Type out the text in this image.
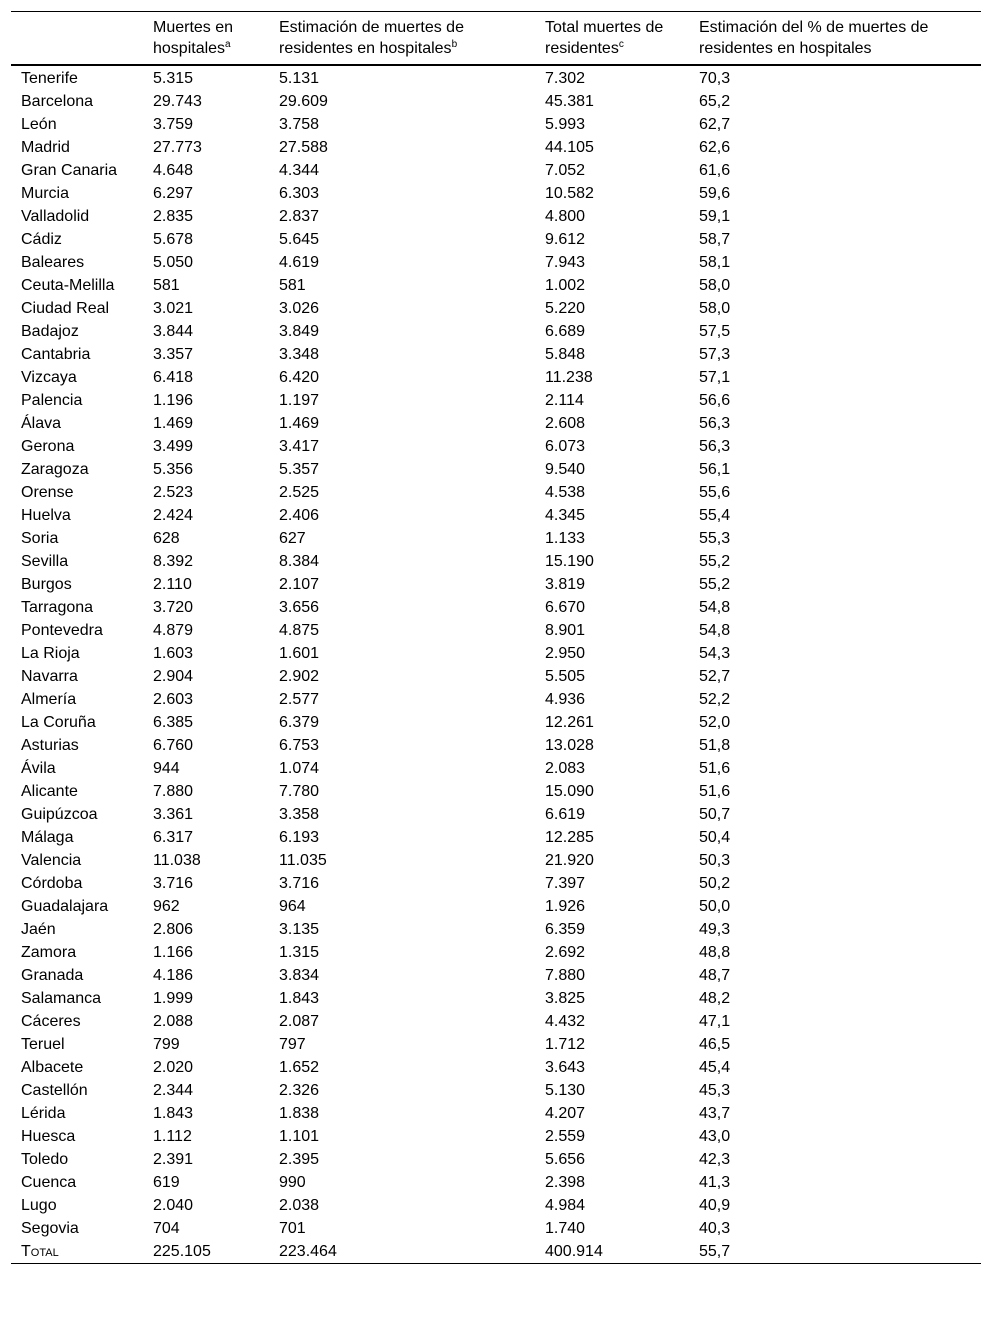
	Muertes en hospitales$^a$	Estimación de muertes de residentes en hospitales$^b$	Total muertes de residentes$^c$	Estimación del % de muertes de residentes en hospitales
Tenerife	5.315	5.131	7.302	70,3
Barcelona	29.743	29.609	45.381	65,2
León	3.759	3.758	5.993	62,7
Madrid	27.773	27.588	44.105	62,6
Gran Canaria	4.648	4.344	7.052	61,6
Murcia	6.297	6.303	10.582	59,6
Valladolid	2.835	2.837	4.800	59,1
Cádiz	5.678	5.645	9.612	58,7
Baleares	5.050	4.619	7.943	58,1
Ceuta-Melilla	581	581	1.002	58,0
Ciudad Real	3.021	3.026	5.220	58,0
Badajoz	3.844	3.849	6.689	57,5
Cantabria	3.357	3.348	5.848	57,3
Vizcaya	6.418	6.420	11.238	57,1
Palencia	1.196	1.197	2.114	56,6
Álava	1.469	1.469	2.608	56,3
Gerona	3.499	3.417	6.073	56,3
Zaragoza	5.356	5.357	9.540	56,1
Orense	2.523	2.525	4.538	55,6
Huelva	2.424	2.406	4.345	55,4
Soria	628	627	1.133	55,3
Sevilla	8.392	8.384	15.190	55,2
Burgos	2.110	2.107	3.819	55,2
Tarragona	3.720	3.656	6.670	54,8
Pontevedra	4.879	4.875	8.901	54,8
La Rioja	1.603	1.601	2.950	54,3
Navarra	2.904	2.902	5.505	52,7
Almería	2.603	2.577	4.936	52,2
La Coruña	6.385	6.379	12.261	52,0
Asturias	6.760	6.753	13.028	51,8
Ávila	944	1.074	2.083	51,6
Alicante	7.880	7.780	15.090	51,6
Guipúzcoa	3.361	3.358	6.619	50,7
Málaga	6.317	6.193	12.285	50,4
Valencia	11.038	11.035	21.920	50,3
Córdoba	3.716	3.716	7.397	50,2
Guadalajara	962	964	1.926	50,0
Jaén	2.806	3.135	6.359	49,3
Zamora	1.166	1.315	2.692	48,8
Granada	4.186	3.834	7.880	48,7
Salamanca	1.999	1.843	3.825	48,2
Cáceres	2.088	2.087	4.432	47,1
Teruel	799	797	1.712	46,5
Albacete	2.020	1.652	3.643	45,4
Castellón	2.344	2.326	5.130	45,3
Lérida	1.843	1.838	4.207	43,7
Huesca	1.112	1.101	2.559	43,0
Toledo	2.391	2.395	5.656	42,3
Cuenca	619	990	2.398	41,3
Lugo	2.040	2.038	4.984	40,9
Segovia	704	701	1.740	40,3
Total	225.105	223.464	400.914	55,7
